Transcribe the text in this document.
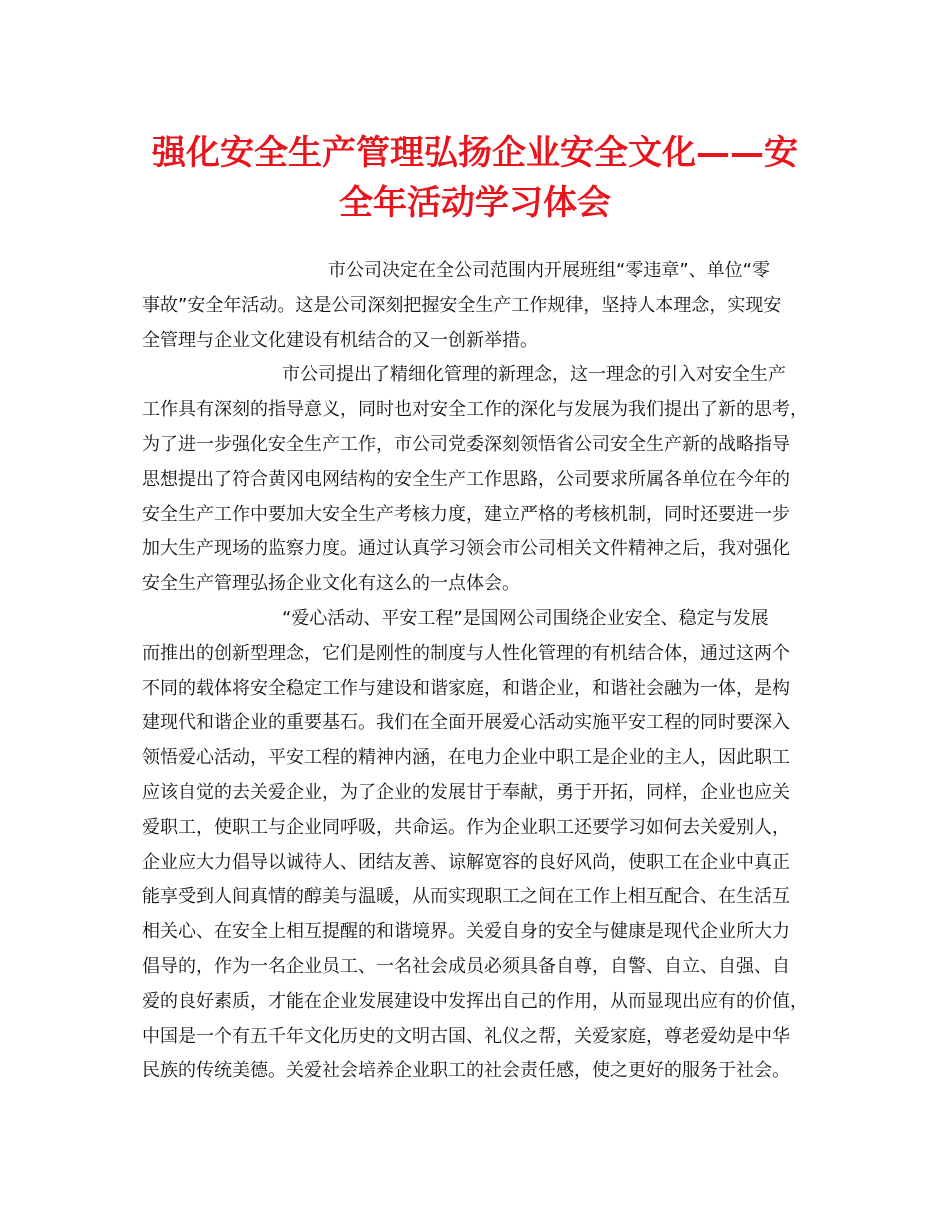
强化安全生产管理弘扬企业安全文化——安
全年活动学习体会
市公司决定在全公司范围内开展班组“零违章”、单位“零
事故”安全年活动。这是公司深刻把握安全生产工作规律，坚持人本理念，实现安
全管理与企业文化建设有机结合的又一创新举措。
市公司提出了精细化管理的新理念，这一理念的引入对安全生产
工作具有深刻的指导意义，同时也对安全工作的深化与发展为我们提出了新的思考，
为了进一步强化安全生产工作，市公司党委深刻领悟省公司安全生产新的战略指导
思想提出了符合黄冈电网结构的安全生产工作思路，公司要求所属各单位在今年的
安全生产工作中要加大安全生产考核力度，建立严格的考核机制，同时还要进一步
加大生产现场的监察力度。通过认真学习领会市公司相关文件精神之后，我对强化
安全生产管理弘扬企业文化有这么的一点体会。
“爱心活动、平安工程”是国网公司围绕企业安全、稳定与发展
而推出的创新型理念，它们是刚性的制度与人性化管理的有机结合体，通过这两个
不同的载体将安全稳定工作与建设和谐家庭，和谐企业，和谐社会融为一体，是构
建现代和谐企业的重要基石。我们在全面开展爱心活动实施平安工程的同时要深入
领悟爱心活动，平安工程的精神内涵，在电力企业中职工是企业的主人，因此职工
应该自觉的去关爱企业，为了企业的发展甘于奉献，勇于开拓，同样，企业也应关
爱职工，使职工与企业同呼吸，共命运。作为企业职工还要学习如何去关爱别人，
企业应大力倡导以诚待人、团结友善、谅解宽容的良好风尚，使职工在企业中真正
能享受到人间真情的醇美与温暖，从而实现职工之间在工作上相互配合、在生活互
相关心、在安全上相互提醒的和谐境界。关爱自身的安全与健康是现代企业所大力
倡导的，作为一名企业员工、一名社会成员必须具备自尊，自警、自立、自强、自
爱的良好素质，才能在企业发展建设中发挥出自己的作用，从而显现出应有的价值，
中国是一个有五千年文化历史的文明古国、礼仪之帮，关爱家庭，尊老爱幼是中华
民族的传统美德。关爱社会培养企业职工的社会责任感，使之更好的服务于社会。
